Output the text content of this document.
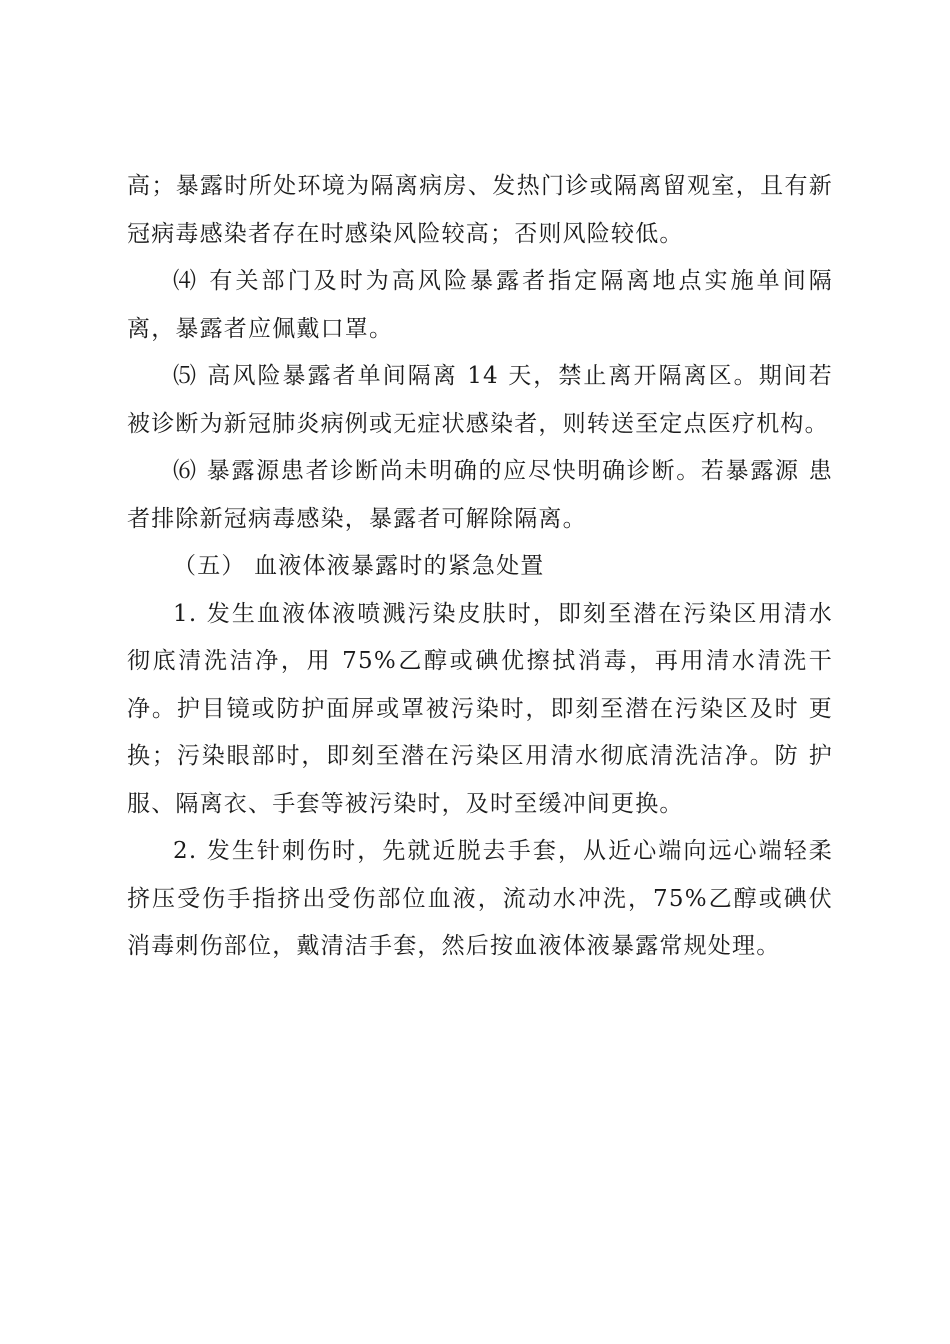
高；暴露时所处环境为隔离病房、发热门诊或隔离留观室，且有新冠病毒感染者存在时感染风险较高；否则风险较低。

⑷ 有关部门及时为高风险暴露者指定隔离地点实施单间隔离，暴露者应佩戴口罩。

⑸ 高风险暴露者单间隔离 14 天，禁止离开隔离区。期间若被诊断为新冠肺炎病例或无症状感染者，则转送至定点医疗机构。

⑹ 暴露源患者诊断尚未明确的应尽快明确诊断。若暴露源 患者排除新冠病毒感染，暴露者可解除隔离。

（五） 血液体液暴露时的紧急处置

1. 发生血液体液喷溅污染皮肤时，即刻至潜在污染区用清水彻底清洗洁净，用 75%乙醇或碘优擦拭消毒，再用清水清洗干净。护目镜或防护面屏或罩被污染时，即刻至潜在污染区及时 更换；污染眼部时，即刻至潜在污染区用清水彻底清洗洁净。防 护服、隔离衣、手套等被污染时，及时至缓冲间更换。

2. 发生针刺伤时，先就近脱去手套，从近心端向远心端轻柔挤压受伤手指挤出受伤部位血液，流动水冲洗，75%乙醇或碘伏消毒刺伤部位，戴清洁手套，然后按血液体液暴露常规处理。
